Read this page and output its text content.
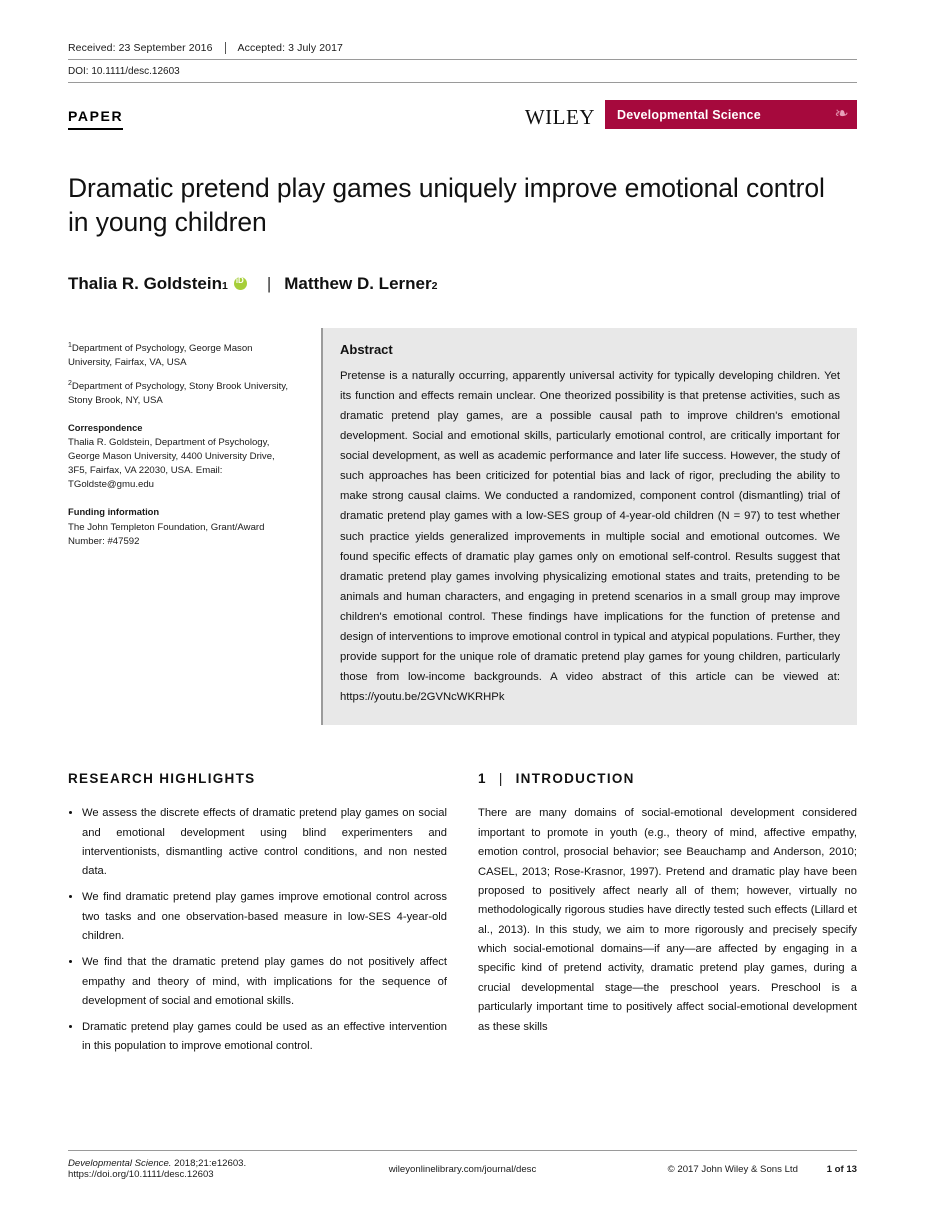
Received: 23 September 2016 Accepted: 3 July 2017
DOI: 10.1111/desc.12603
PAPER	WILEY Developmental Science	❧
Dramatic pretend play games uniquely improve emotional control in young children
Thalia R. Goldstein 1 iD | Matthew D. Lerner 2

$^1$Department of Psychology, George Mason University, Fairfax, VA, USA

$^2$Department of Psychology, Stony Brook University, Stony Brook, NY, USA

Correspondence

Thalia R. Goldstein, Department of Psychology, George Mason University, 4400 University Drive, 3F5, Fairfax, VA 22030, USA. Email: TGoldste@gmu.edu

Funding information

The John Templeton Foundation, Grant/Award Number: #47592

Abstract
Pretense is a naturally occurring, apparently universal activity for typically developing children. Yet its function and effects remain unclear. One theorized possibility is that pretense activities, such as dramatic pretend play games, are a possible causal path to improve children's emotional development. Social and emotional skills, particularly emotional control, are critically important for social development, as well as academic performance and later life success. However, the study of such approaches has been criticized for potential bias and lack of rigor, precluding the ability to make strong causal claims. We conducted a randomized, component control (dismantling) trial of dramatic pretend play games with a low-SES group of 4-year-old children (N = 97) to test whether such practice yields generalized improvements in multiple social and emotional outcomes. We found specific effects of dramatic play games only on emotional self-control. Results suggest that dramatic pretend play games involving physicalizing emotional states and traits, pretending to be animals and human characters, and engaging in pretend scenarios in a small group may improve children's emotional control. These findings have implications for the function of pretense and design of interventions to improve emotional control in typical and atypical populations. Further, they provide support for the unique role of dramatic pretend play games for young children, particularly those from low-income backgrounds. A video abstract of this article can be viewed at: https://youtu.be/2GVNcWKRHPk
RESEARCH HIGHLIGHTS
• We assess the discrete effects of dramatic pretend play games on social and emotional development using blind experimenters and interventionists, dismantling active control conditions, and non nested data.
• We find dramatic pretend play games improve emotional control across two tasks and one observation-based measure in low-SES 4-year-old children.
• We find that the dramatic pretend play games do not positively affect empathy and theory of mind, with implications for the sequence of development of social and emotional skills.
• Dramatic pretend play games could be used as an effective intervention in this population to improve emotional control.
1 | INTRODUCTION
There are many domains of social-emotional development considered important to promote in youth (e.g., theory of mind, affective empathy, emotion control, prosocial behavior; see Beauchamp and Anderson, 2010; CASEL, 2013; Rose-Krasnor, 1997). Pretend and dramatic play have been proposed to positively affect nearly all of them; however, virtually no methodologically rigorous studies have directly tested such effects (Lillard et al., 2013). In this study, we aim to more rigorously and precisely specify which social-emotional domains—if any—are affected by engaging in a specific kind of pretend activity, dramatic pretend play games, during a crucial developmental stage—the preschool years. Preschool is a particularly important time to positively affect social-emotional development as these skills
Developmental Science. 2018;21:e12603.
https://doi.org/10.1111/desc.12603	wileyonlinelibrary.com/journal/desc	© 2017 John Wiley & Sons Ltd	1 of 13
